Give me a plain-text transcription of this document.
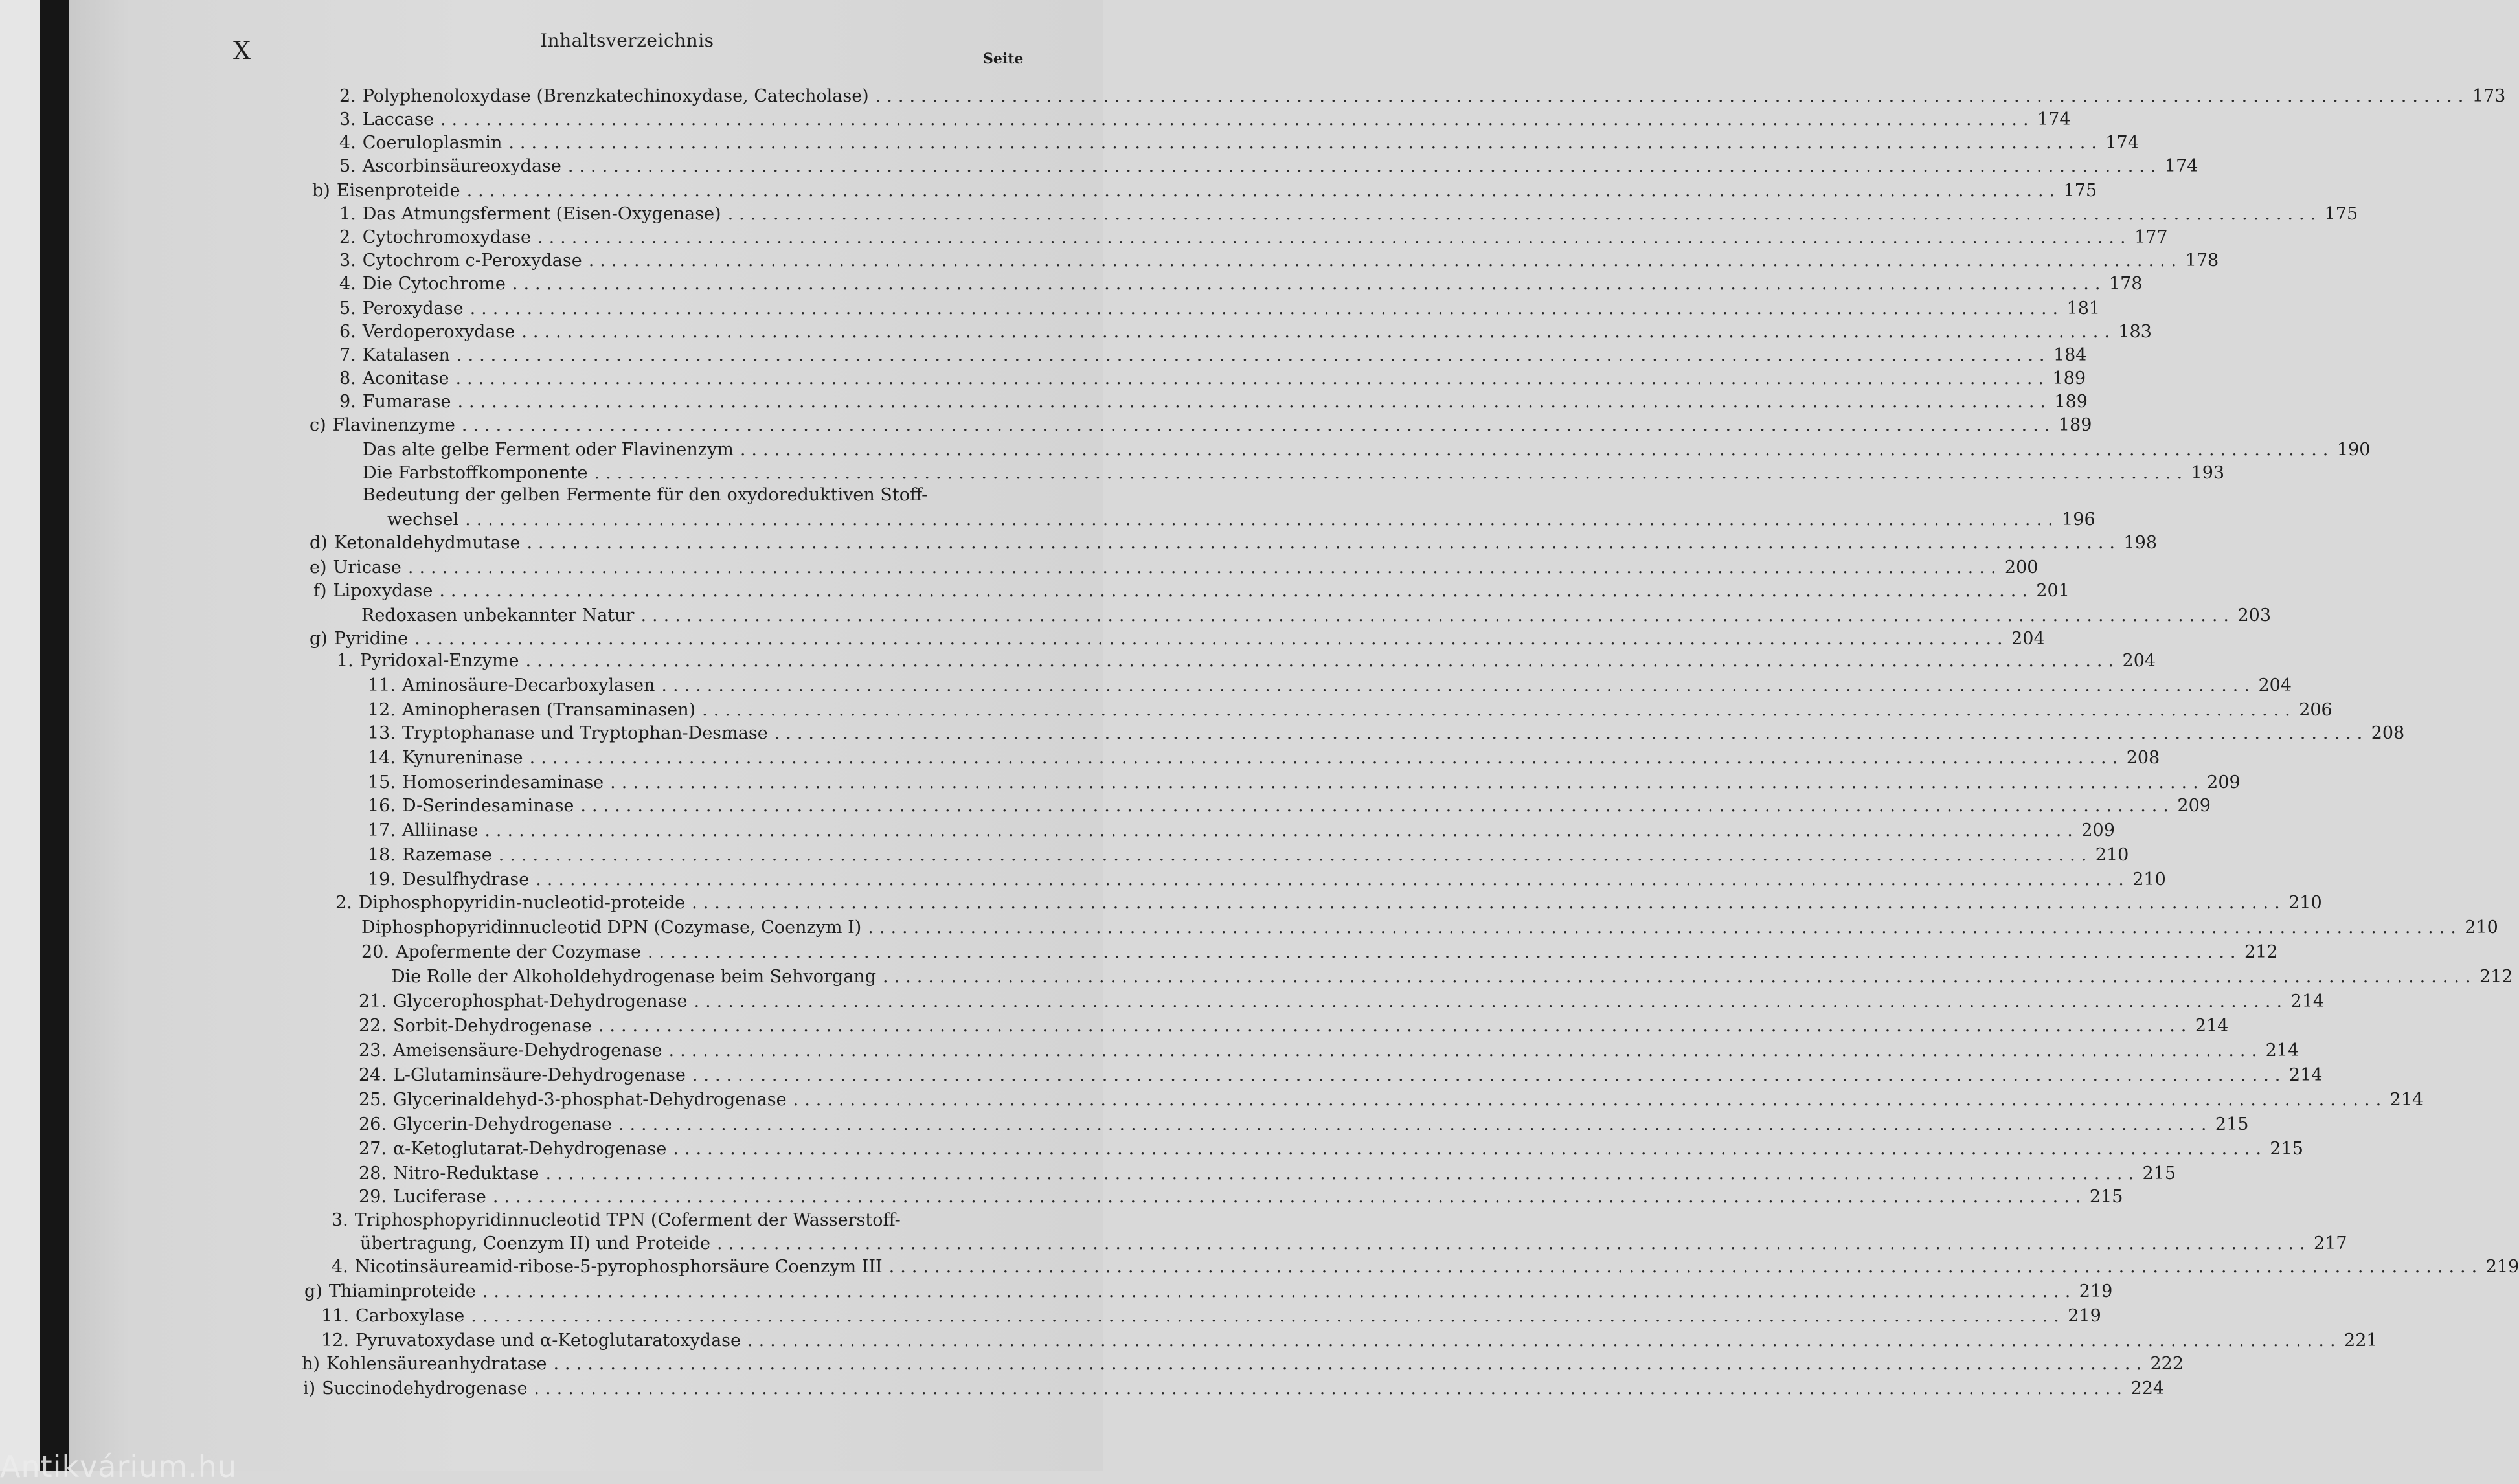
X	Inhaltsverzeichnis
Seite
2. Polyphenoloxydase (Brenzkatechinoxydase, Catecholase) ............................................................................................................................................ 173
3. Laccase ............................................................................................................................................ 174
4. Coeruloplasmin ............................................................................................................................................ 174
5. Ascorbinsäureoxydase ............................................................................................................................................ 174
b) Eisenproteide ............................................................................................................................................ 175
1. Das Atmungsferment (Eisen-Oxygenase) ............................................................................................................................................ 175
2. Cytochromoxydase ............................................................................................................................................ 177
3. Cytochrom c-Peroxydase ............................................................................................................................................ 178
4. Die Cytochrome ............................................................................................................................................ 178
5. Peroxydase ............................................................................................................................................ 181
6. Verdoperoxydase ............................................................................................................................................ 183
7. Katalasen ............................................................................................................................................ 184
8. Aconitase ............................................................................................................................................ 189
9. Fumarase ............................................................................................................................................ 189
c) Flavinenzyme ............................................................................................................................................ 189
Das alte gelbe Ferment oder Flavinenzym ............................................................................................................................................ 190
Die Farbstoffkomponente ............................................................................................................................................ 193
Bedeutung der gelben Fermente für den oxydoreduktiven Stoff-
wechsel ............................................................................................................................................ 196
d) Ketonaldehydmutase ............................................................................................................................................ 198
e) Uricase ............................................................................................................................................ 200
f) Lipoxydase ............................................................................................................................................ 201
Redoxasen unbekannter Natur ............................................................................................................................................ 203
g) Pyridine ............................................................................................................................................ 204
1. Pyridoxal-Enzyme ............................................................................................................................................ 204
11. Aminosäure-Decarboxylasen ............................................................................................................................................ 204
12. Aminopherasen (Transaminasen) ............................................................................................................................................ 206
13. Tryptophanase und Tryptophan-Desmase ............................................................................................................................................ 208
14. Kynureninase ............................................................................................................................................ 208
15. Homoserindesaminase ............................................................................................................................................ 209
16. D-Serindesaminase ............................................................................................................................................ 209
17. Alliinase ............................................................................................................................................ 209
18. Razemase ............................................................................................................................................ 210
19. Desulfhydrase ............................................................................................................................................ 210
2. Diphosphopyridin-nucleotid-proteide ............................................................................................................................................ 210
Diphosphopyridinnucleotid DPN (Cozymase, Coenzym I) ............................................................................................................................................ 210
20. Apofermente der Cozymase ............................................................................................................................................ 212
Die Rolle der Alkoholdehydrogenase beim Sehvorgang ............................................................................................................................................ 212
21. Glycerophosphat-Dehydrogenase ............................................................................................................................................ 214
22. Sorbit-Dehydrogenase ............................................................................................................................................ 214
23. Ameisensäure-Dehydrogenase ............................................................................................................................................ 214
24. L-Glutaminsäure-Dehydrogenase ............................................................................................................................................ 214
25. Glycerinaldehyd-3-phosphat-Dehydrogenase ............................................................................................................................................ 214
26. Glycerin-Dehydrogenase ............................................................................................................................................ 215
27. α-Ketoglutarat-Dehydrogenase ............................................................................................................................................ 215
28. Nitro-Reduktase ............................................................................................................................................ 215
29. Luciferase ............................................................................................................................................ 215
3. Triphosphopyridinnucleotid TPN (Coferment der Wasserstoff-
übertragung, Coenzym II) und Proteide ............................................................................................................................................ 217
4. Nicotinsäureamid-ribose-5-pyrophosphorsäure Coenzym III ............................................................................................................................................ 219
g) Thiaminproteide ............................................................................................................................................ 219
11. Carboxylase ............................................................................................................................................ 219
12. Pyruvatoxydase und α-Ketoglutaratoxydase ............................................................................................................................................ 221
h) Kohlensäureanhydratase ............................................................................................................................................ 222
i) Succinodehydrogenase ............................................................................................................................................ 224
Antikvárium.hu
